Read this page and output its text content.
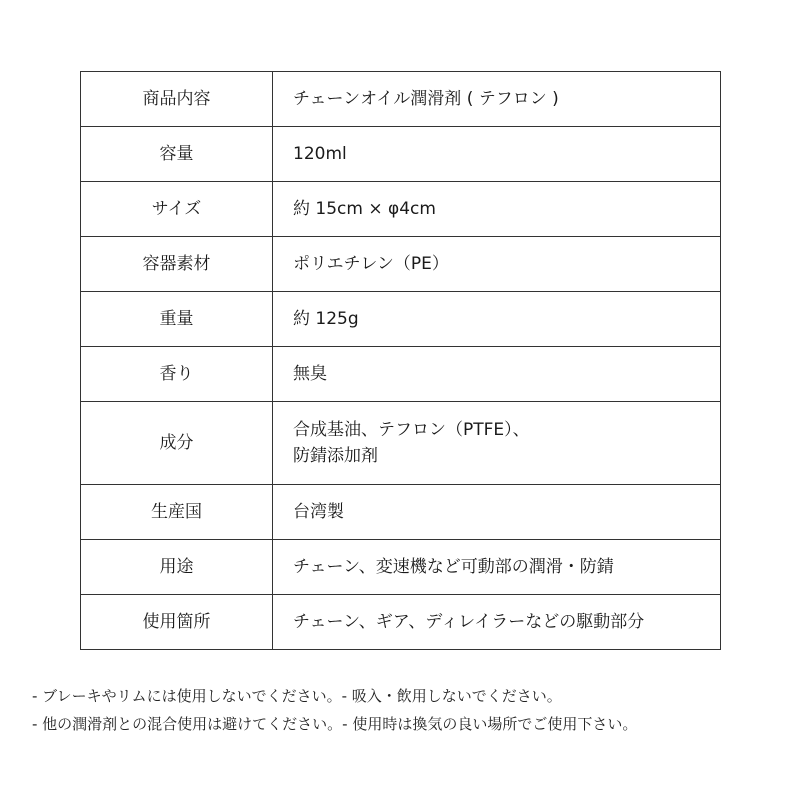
商品内容	チェーンオイル潤滑剤 ( テフロン )

容量	120ml

サイズ	約 15cm × φ4cm

容器素材	ポリエチレン（PE）

重量	約 125g

香り	無臭

成分	合成基油、テフロン（PTFE）、
防錆添加剤

生産国	台湾製

用途	チェーン、変速機など可動部の潤滑・防錆

使用箇所	チェーン、ギア、ディレイラーなどの駆動部分
- ブレーキやリムには使用しないでください。- 吸入・飲用しないでください。
- 他の潤滑剤との混合使用は避けてください。- 使用時は換気の良い場所でご使用下さい。
